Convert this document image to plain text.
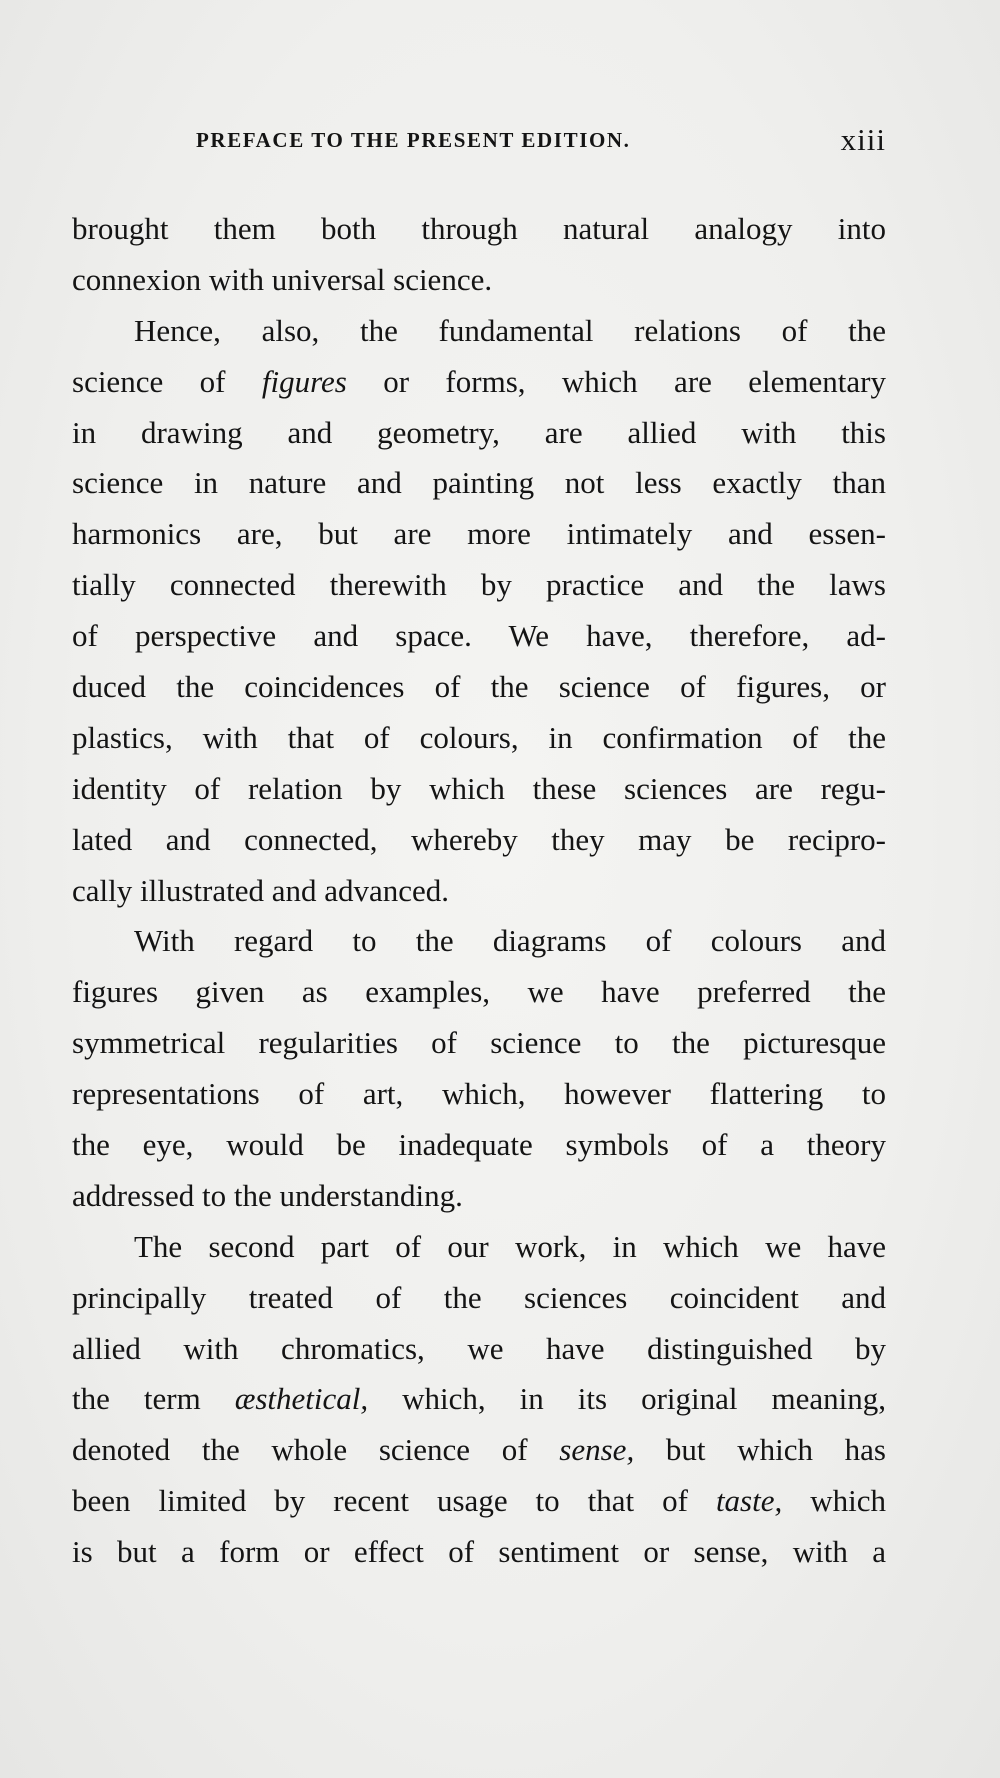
PREFACE TO THE PRESENT EDITION.	xiii
brought them both through natural analogy into
connexion with universal science.
Hence, also, the fundamental relations of the
science of figures or forms, which are elementary
in drawing and geometry, are allied with this
science in nature and painting not less exactly than
harmonics are, but are more intimately and essen-
tially connected therewith by practice and the laws
of perspective and space. We have, therefore, ad-
duced the coincidences of the science of figures, or
plastics, with that of colours, in confirmation of the
identity of relation by which these sciences are regu-
lated and connected, whereby they may be recipro-
cally illustrated and advanced.
With regard to the diagrams of colours and
figures given as examples, we have preferred the
symmetrical regularities of science to the picturesque
representations of art, which, however flattering to
the eye, would be inadequate symbols of a theory
addressed to the understanding.
The second part of our work, in which we have
principally treated of the sciences coincident and
allied with chromatics, we have distinguished by
the term æsthetical, which, in its original meaning,
denoted the whole science of sense, but which has
been limited by recent usage to that of taste, which
is but a form or effect of sentiment or sense, with a
